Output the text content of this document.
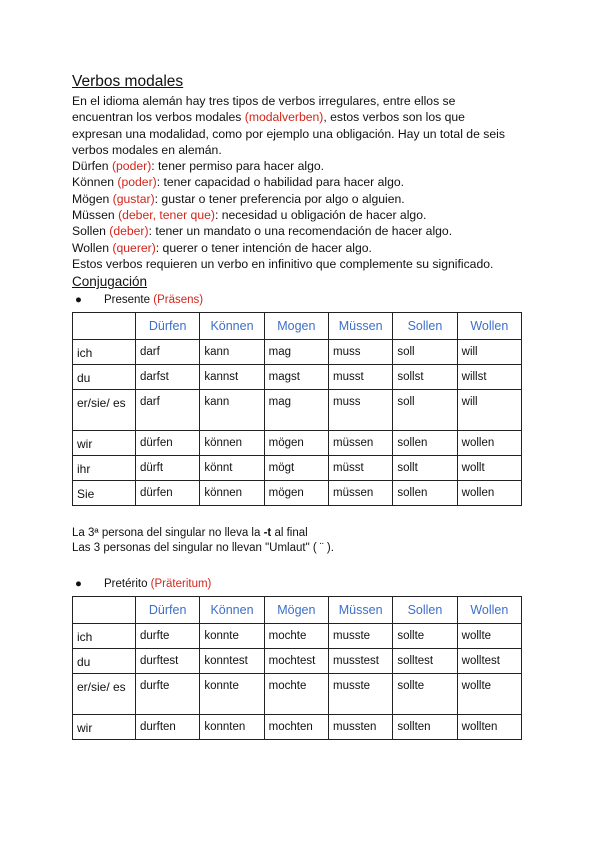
Verbos modales

En el idioma alemán hay tres tipos de verbos irregulares, entre ellos se

encuentran los verbos modales (modalverben), estos verbos son los que

expresan una modalidad, como por ejemplo una obligación. Hay un total de seis

verbos modales en alemán.

Dürfen (poder): tener permiso para hacer algo.

Können (poder): tener capacidad o habilidad para hacer algo.

Mögen (gustar): gustar o tener preferencia por algo o alguien.

Müssen (deber, tener que): necesidad u obligación de hacer algo.

Sollen (deber): tener un mandato o una recomendación de hacer algo.

Wollen (querer): querer o tener intención de hacer algo.

Estos verbos requieren un verbo en infinitivo que complemente su significado.

Conjugación
● Presente (Präsens)
	Dürfen	Können	Mogen	Müssen	Sollen	Wollen
ich	darf	kann	mag	muss	soll	will
du	darfst	kannst	magst	musst	sollst	willst
er/sie/ es	darf	kann	mag	muss	soll	will
wir	dürfen	können	mögen	müssen	sollen	wollen
ihr	dürft	könnt	mögt	müsst	sollt	wollt
Sie	dürfen	können	mögen	müssen	sollen	wollen

La 3ª persona del singular no lleva la -t al final

Las 3 personas del singular no llevan "Umlaut" ( ¨ ).

● Pretérito (Präteritum)
	Dürfen	Können	Mögen	Müssen	Sollen	Wollen
ich	durfte	konnte	mochte	musste	sollte	wollte
du	durftest	konntest	mochtest	musstest	solltest	wolltest
er/sie/ es	durfte	konnte	mochte	musste	sollte	wollte
wir	durften	konnten	mochten	mussten	sollten	wollten
